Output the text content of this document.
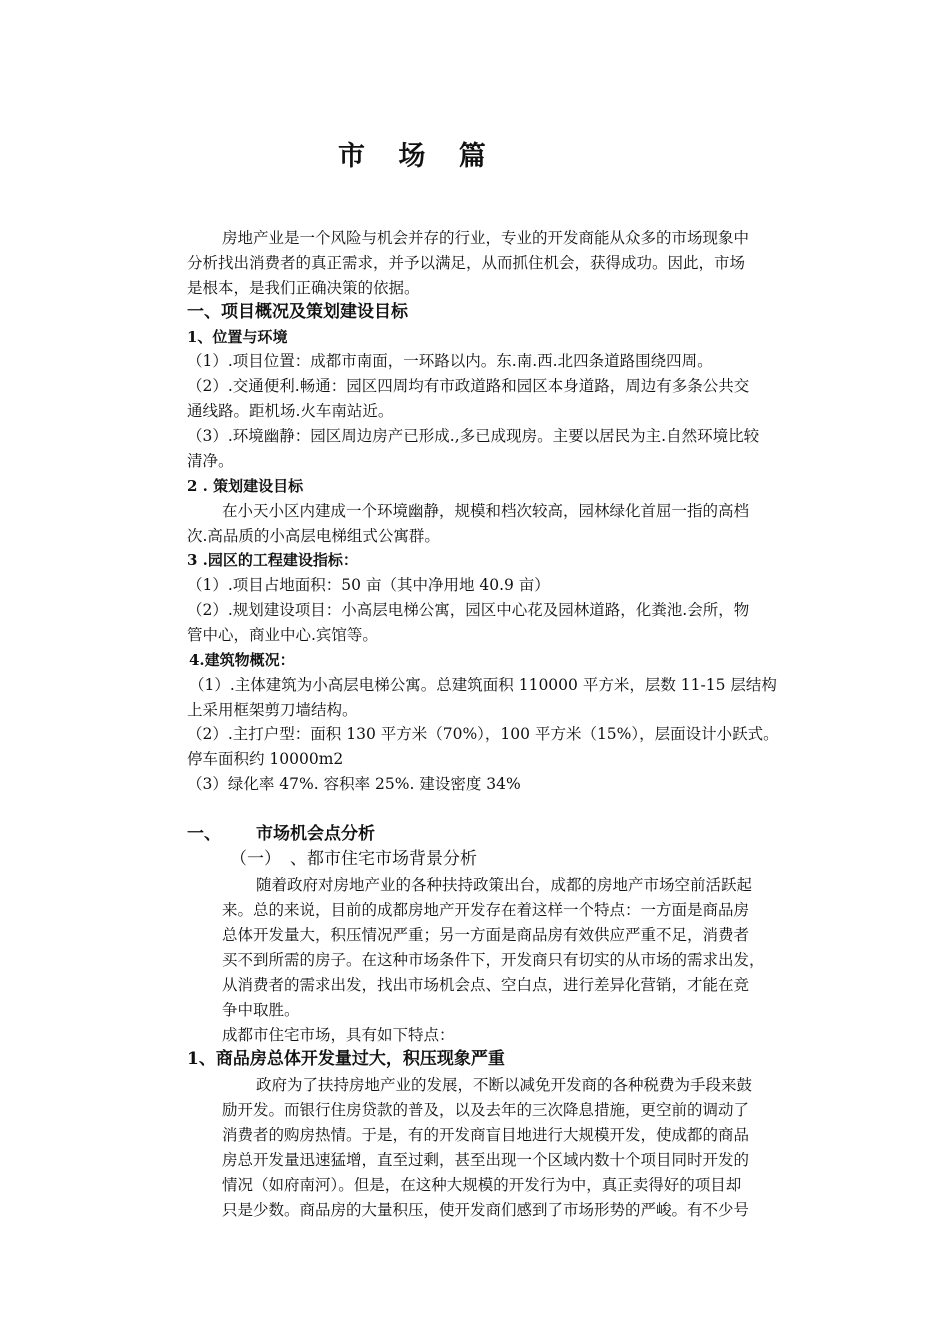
市 场 篇
房地产业是一个风险与机会并存的行业，专业的开发商能从众多的市场现象中
分析找出消费者的真正需求，并予以满足，从而抓住机会，获得成功。因此，市场
是根本，是我们正确决策的依据。
一、项目概况及策划建设目标
1、位置与环境
（1）.项目位置：成都市南面，一环路以内。东.南.西.北四条道路围绕四周。
（2）.交通便利.畅通：园区四周均有市政道路和园区本身道路，周边有多条公共交
通线路。距机场.火车南站近。
（3）.环境幽静：园区周边房产已形成.,多已成现房。主要以居民为主.自然环境比较
清净。
2 . 策划建设目标
在小天小区内建成一个环境幽静，规模和档次较高，园林绿化首屈一指的高档
次.高品质的小高层电梯组式公寓群。
3 .园区的工程建设指标：
（1）.项目占地面积：50 亩（其中净用地 40.9 亩）
（2）.规划建设项目：小高层电梯公寓，园区中心花及园林道路，化粪池.会所，物
管中心，商业中心.宾馆等。
4.建筑物概况：
（1）.主体建筑为小高层电梯公寓。总建筑面积 110000 平方米，层数 11-15 层结构
上采用框架剪刀墙结构。
（2）.主打户型：面积 130 平方米（70%），100 平方米（15%），层面设计小跃式。
停车面积约 10000m2
（3）绿化率 47%. 容积率 25%. 建设密度 34%
一、 市场机会点分析
（一） 、都市住宅市场背景分析
随着政府对房地产业的各种扶持政策出台，成都的房地产市场空前活跃起
来。总的来说，目前的成都房地产开发存在着这样一个特点：一方面是商品房
总体开发量大，积压情况严重；另一方面是商品房有效供应严重不足，消费者
买不到所需的房子。在这种市场条件下，开发商只有切实的从市场的需求出发，
从消费者的需求出发，找出市场机会点、空白点，进行差异化营销，才能在竞
争中取胜。
成都市住宅市场，具有如下特点：
1、商品房总体开发量过大，积压现象严重
政府为了扶持房地产业的发展，不断以减免开发商的各种税费为手段来鼓
励开发。而银行住房贷款的普及，以及去年的三次降息措施，更空前的调动了
消费者的购房热情。于是，有的开发商盲目地进行大规模开发，使成都的商品
房总开发量迅速猛增，直至过剩，甚至出现一个区域内数十个项目同时开发的
情况（如府南河）。但是，在这种大规模的开发行为中，真正卖得好的项目却
只是少数。商品房的大量积压，使开发商们感到了市场形势的严峻。有不少号
